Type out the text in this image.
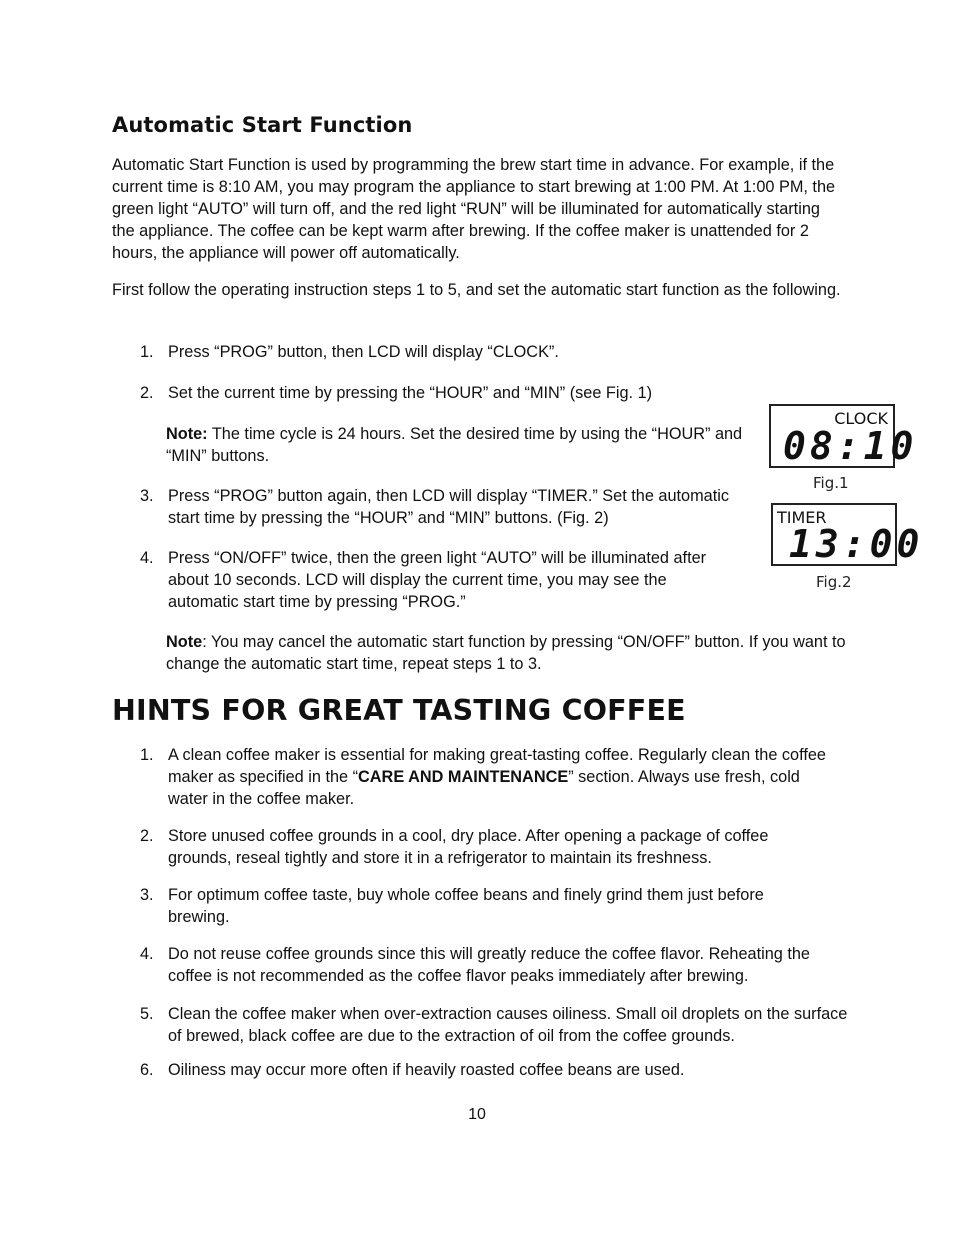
Automatic Start Function
Automatic Start Function is used by programming the brew start time in advance. For example, if the current time is 8:10 AM, you may program the appliance to start brewing at 1:00 PM. At 1:00 PM, the green light “AUTO” will turn off, and the red light “RUN” will be illuminated for automatically starting the appliance. The coffee can be kept warm after brewing. If the coffee maker is unattended for 2 hours, the appliance will power off automatically.
First follow the operating instruction steps 1 to 5, and set the automatic start function as the following.
1. Press “PROG” button, then LCD will display “CLOCK”.
2. Set the current time by pressing the “HOUR” and “MIN” (see Fig. 1)
Note: The time cycle is 24 hours. Set the desired time by using the “HOUR” and “MIN” buttons.
3. Press “PROG” button again, then LCD will display “TIMER.” Set the automatic start time by pressing the “HOUR” and “MIN” buttons. (Fig. 2)
4. Press “ON/OFF” twice, then the green light “AUTO” will be illuminated after about 10 seconds. LCD will display the current time, you may see the automatic start time by pressing “PROG.”
Note: You may cancel the automatic start function by pressing “ON/OFF” button. If you want to change the automatic start time, repeat steps 1 to 3.
CLOCK
08:10
Fig.1
TIMER
13:00
Fig.2
HINTS FOR GREAT TASTING COFFEE
1. A clean coffee maker is essential for making great-tasting coffee. Regularly clean the coffee maker as specified in the “CARE AND MAINTENANCE” section. Always use fresh, cold water in the coffee maker.
2. Store unused coffee grounds in a cool, dry place. After opening a package of coffee grounds, reseal tightly and store it in a refrigerator to maintain its freshness.
3. For optimum coffee taste, buy whole coffee beans and finely grind them just before brewing.
4. Do not reuse coffee grounds since this will greatly reduce the coffee flavor. Reheating the coffee is not recommended as the coffee flavor peaks immediately after brewing.
5. Clean the coffee maker when over-extraction causes oiliness. Small oil droplets on the surface of brewed, black coffee are due to the extraction of oil from the coffee grounds.
6. Oiliness may occur more often if heavily roasted coffee beans are used.
10
